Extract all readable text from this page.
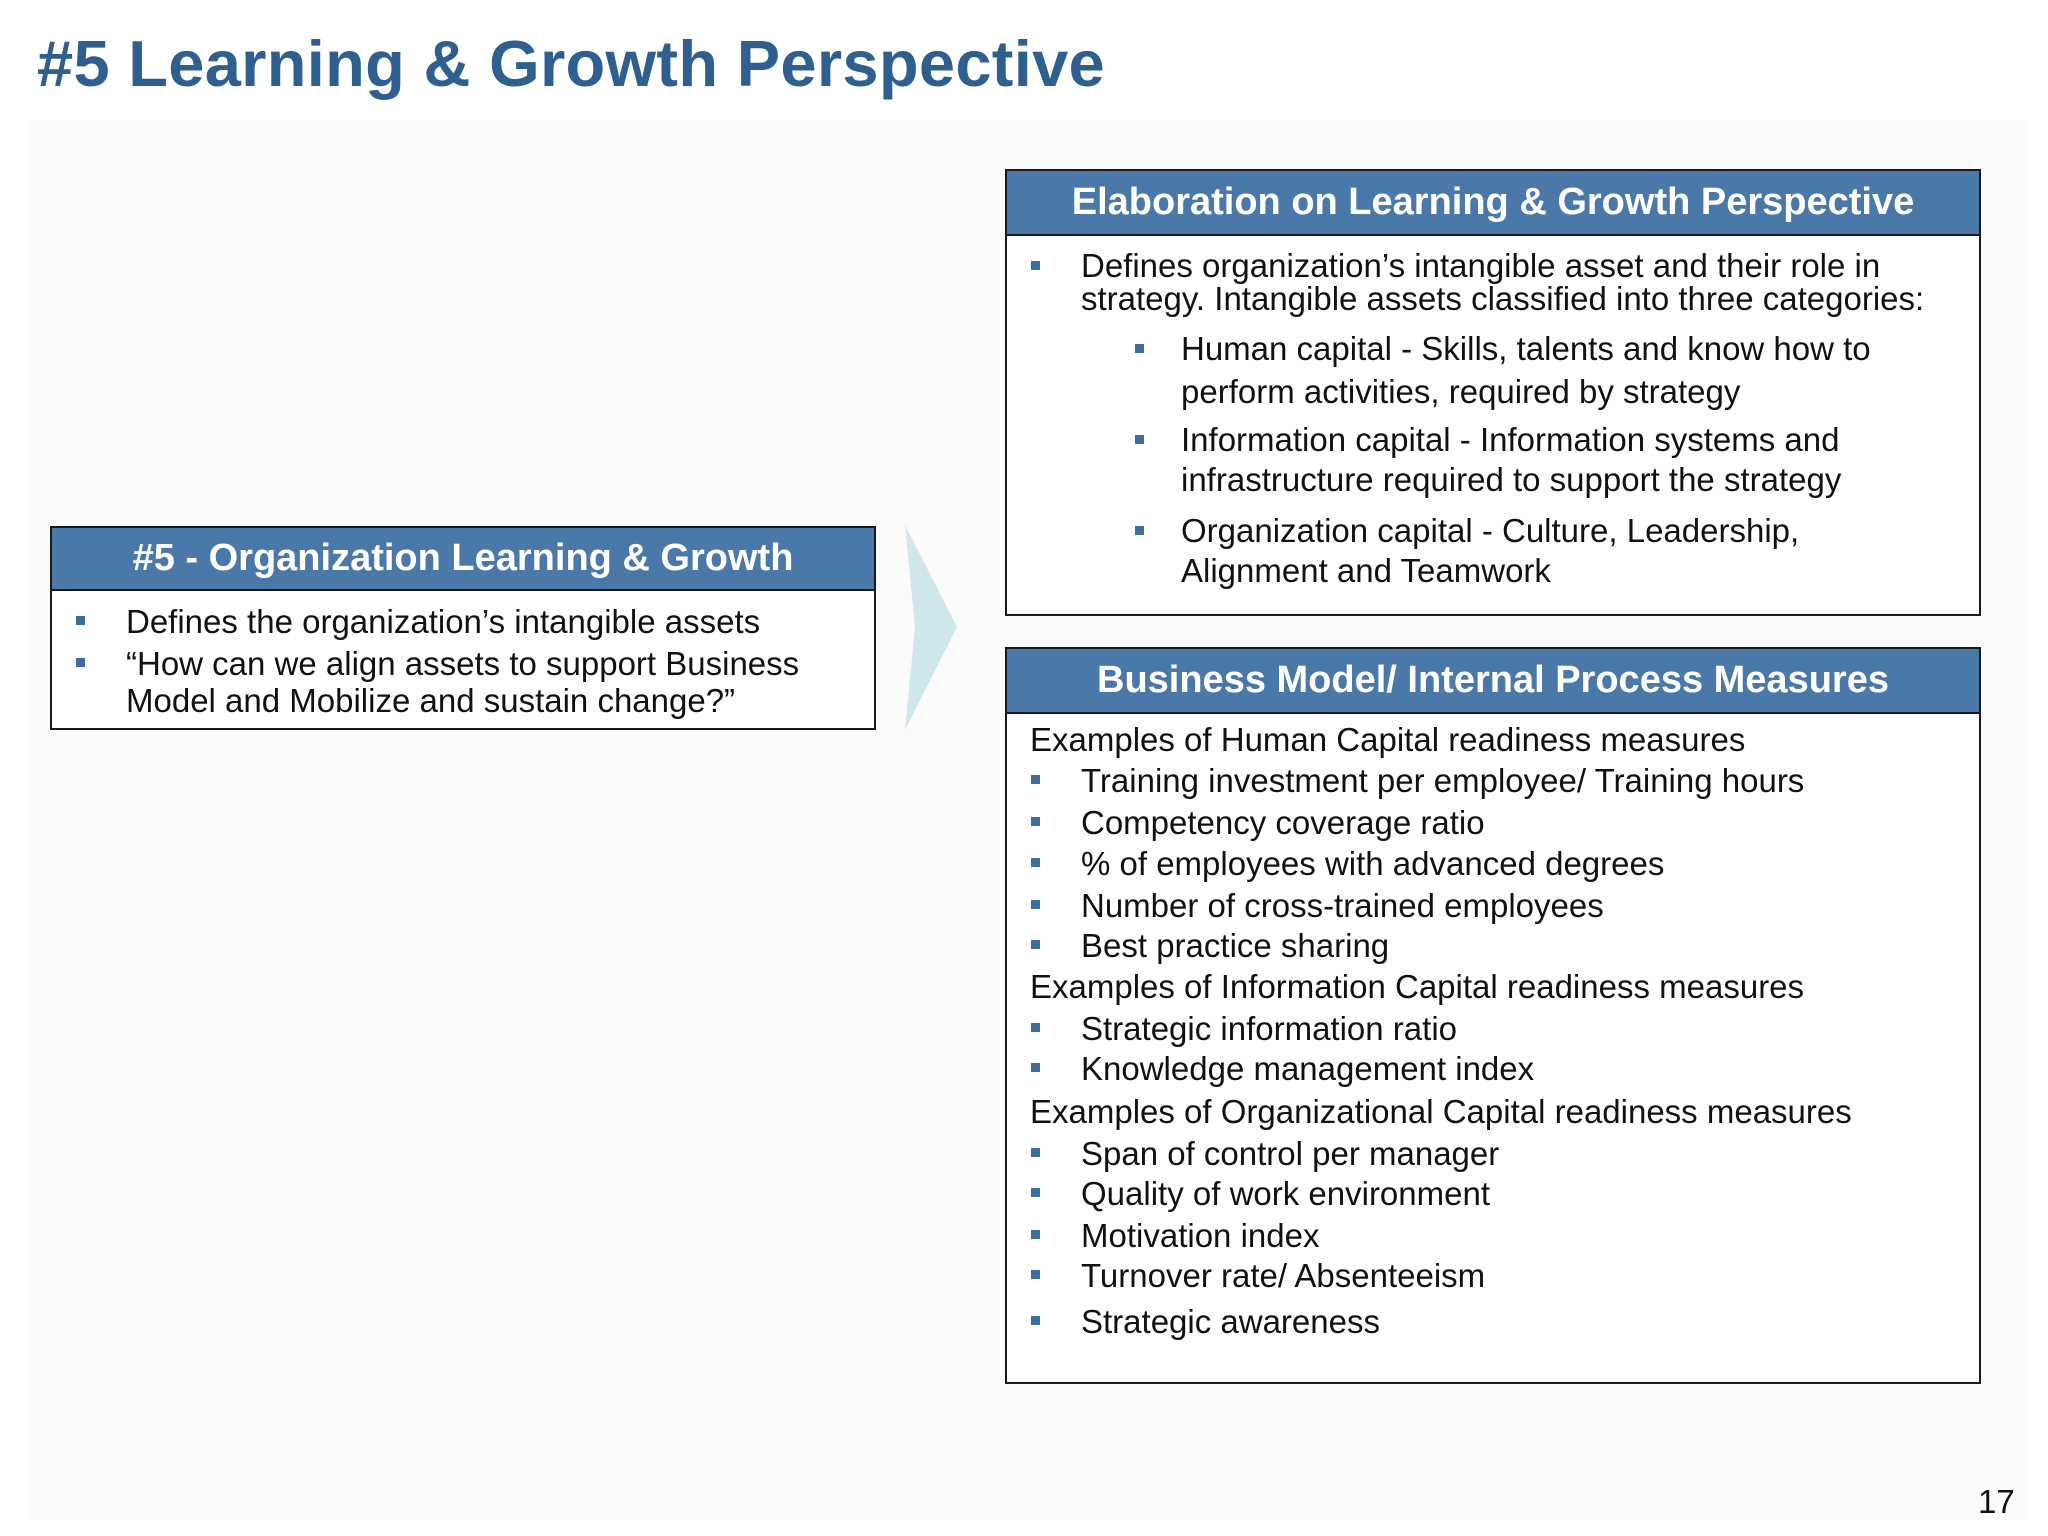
#5 Learning & Growth Perspective
#5 - Organization Learning & Growth
Defines the organization’s intangible assets
“How can we align assets to support Business
Model and Mobilize and sustain change?”
Elaboration on Learning & Growth Perspective
Defines organization’s intangible asset and their role in
strategy. Intangible assets classified into three categories:
Human capital - Skills, talents and know how to
perform activities, required by strategy
Information capital - Information systems and
infrastructure required to support the strategy
Organization capital - Culture, Leadership,
Alignment and Teamwork
Business Model/ Internal Process Measures
Examples of Human Capital readiness measures
Training investment per employee/ Training hours
Competency coverage ratio
% of employees with advanced degrees
Number of cross-trained employees
Best practice sharing
Examples of Information Capital readiness measures
Strategic information ratio
Knowledge management index
Examples of Organizational Capital readiness measures
Span of control per manager
Quality of work environment
Motivation index
Turnover rate/ Absenteeism
Strategic awareness
17
